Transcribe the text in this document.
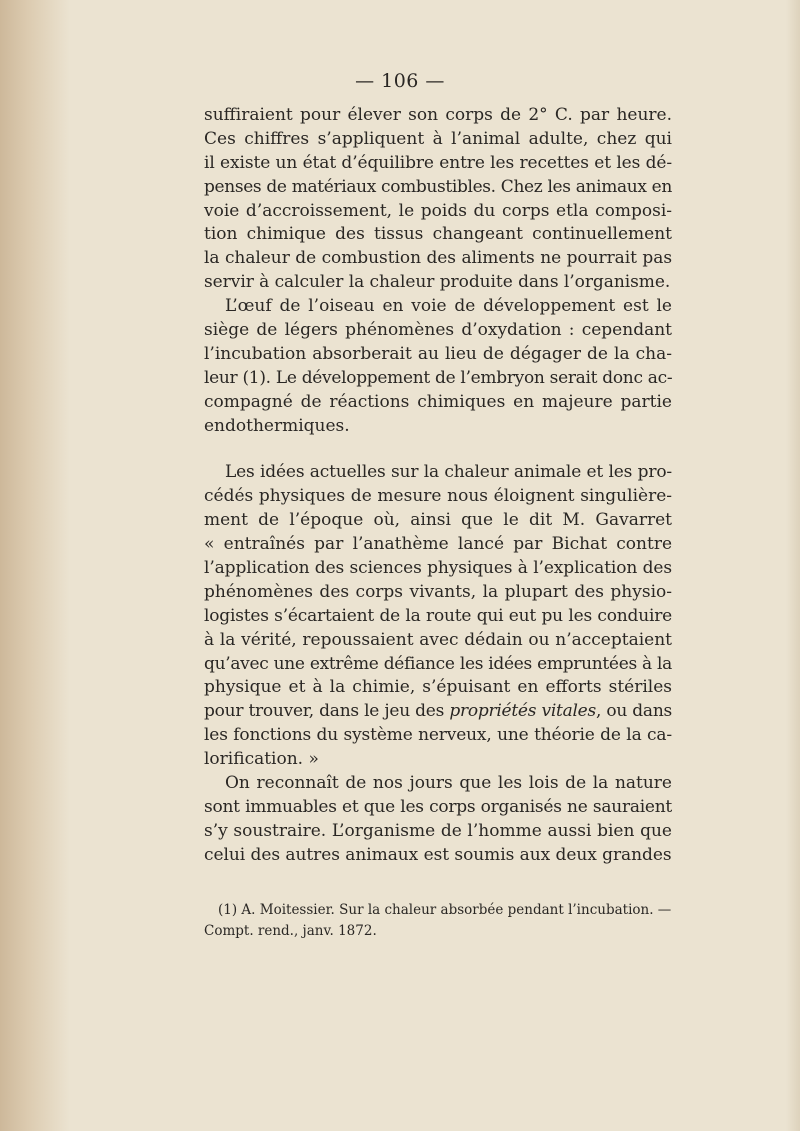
— 106 —
suffiraient pour élever son corps de 2° C. par heure.
Ces chiffres s’appliquent à l’animal adulte, chez qui
il existe un état d’équilibre entre les recettes et les dé-
penses de matériaux combustibles. Chez les animaux en
voie d’accroissement, le poids du corps etla composi-
tion chimique des tissus changeant continuellement
la chaleur de combustion des aliments ne pourrait pas
servir à calculer la chaleur produite dans l’organisme.
L’œuf de l’oiseau en voie de développement est le
siège de légers phénomènes d’oxydation : cependant
l’incubation absorberait au lieu de dégager de la cha-
leur (1). Le développement de l’embryon serait donc ac-
compagné de réactions chimiques en majeure partie
endothermiques.
Les idées actuelles sur la chaleur animale et les pro-
cédés physiques de mesure nous éloignent singulière-
ment de l’époque où, ainsi que le dit M. Gavarret
« entraînés par l’anathème lancé par Bichat contre
l’application des sciences physiques à l’explication des
phénomènes des corps vivants, la plupart des physio-
logistes s’écartaient de la route qui eut pu les conduire
à la vérité, repoussaient avec dédain ou n’acceptaient
qu’avec une extrême défiance les idées empruntées à la
physique et à la chimie, s’épuisant en efforts stériles
pour trouver, dans le jeu des propriétés vitales, ou dans
les fonctions du système nerveux, une théorie de la ca-
lorification. »
On reconnaît de nos jours que les lois de la nature
sont immuables et que les corps organisés ne sauraient
s’y soustraire. L’organisme de l’homme aussi bien que
celui des autres animaux est soumis aux deux grandes
(1) A. Moitessier. Sur la chaleur absorbée pendant l’incubation. —
Compt. rend., janv. 1872.
